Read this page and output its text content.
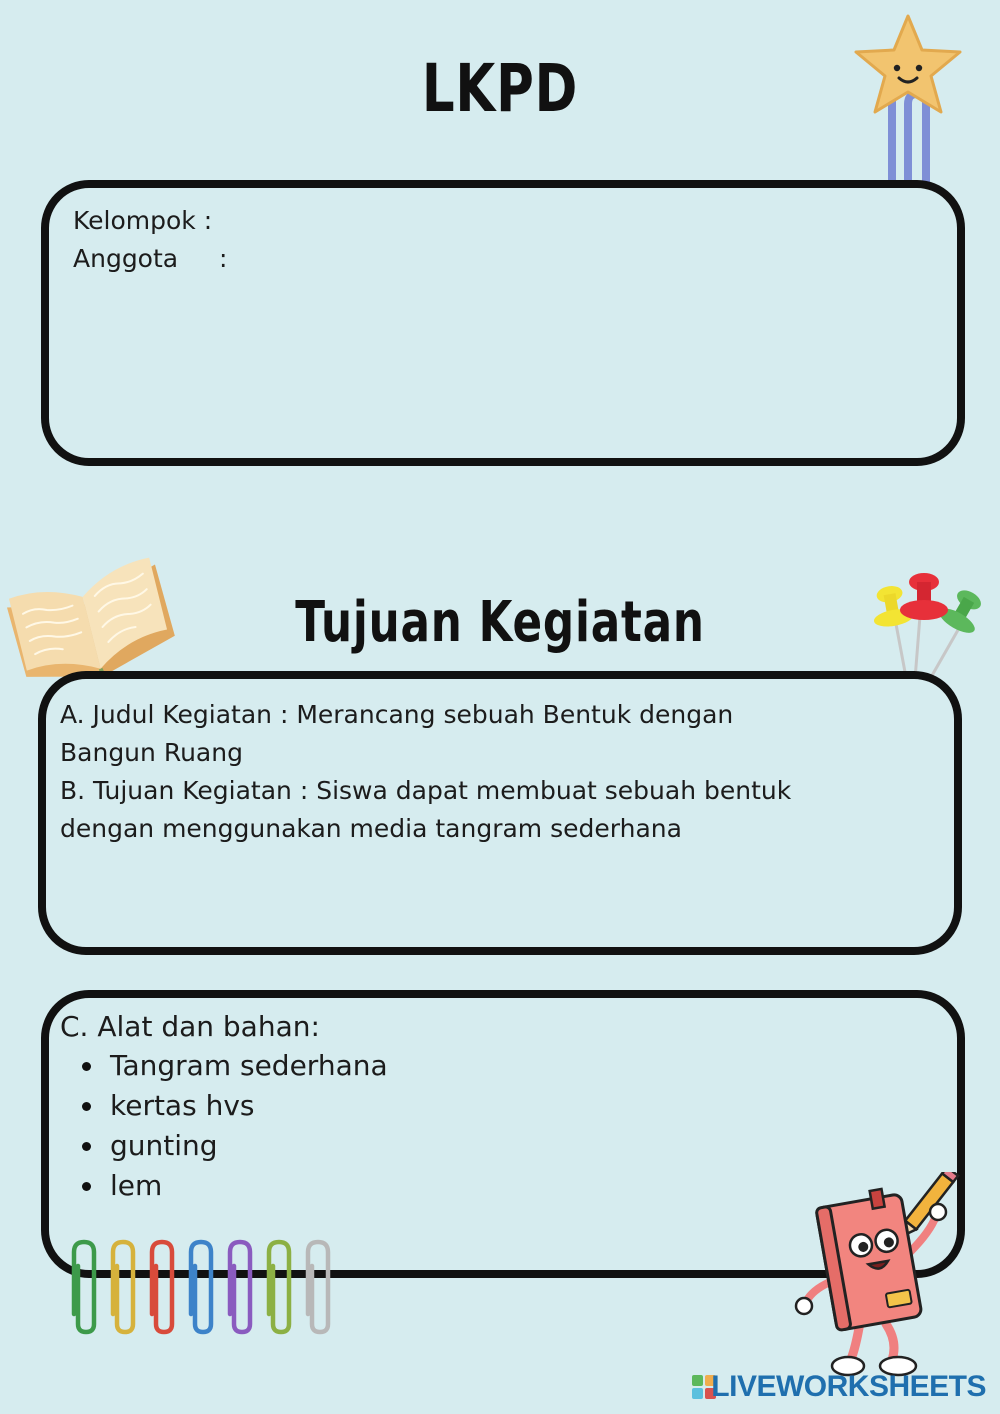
LKPD
Kelompok :
Anggota :
Tujuan Kegiatan
A. Judul Kegiatan : Merancang sebuah Bentuk dengan
Bangun Ruang
B. Tujuan Kegiatan : Siswa dapat membuat sebuah bentuk
dengan menggunakan media tangram sederhana
C. Alat dan bahan:
Tangram sederhana
kertas hvs
gunting
lem
LIVEWORKSHEETS
